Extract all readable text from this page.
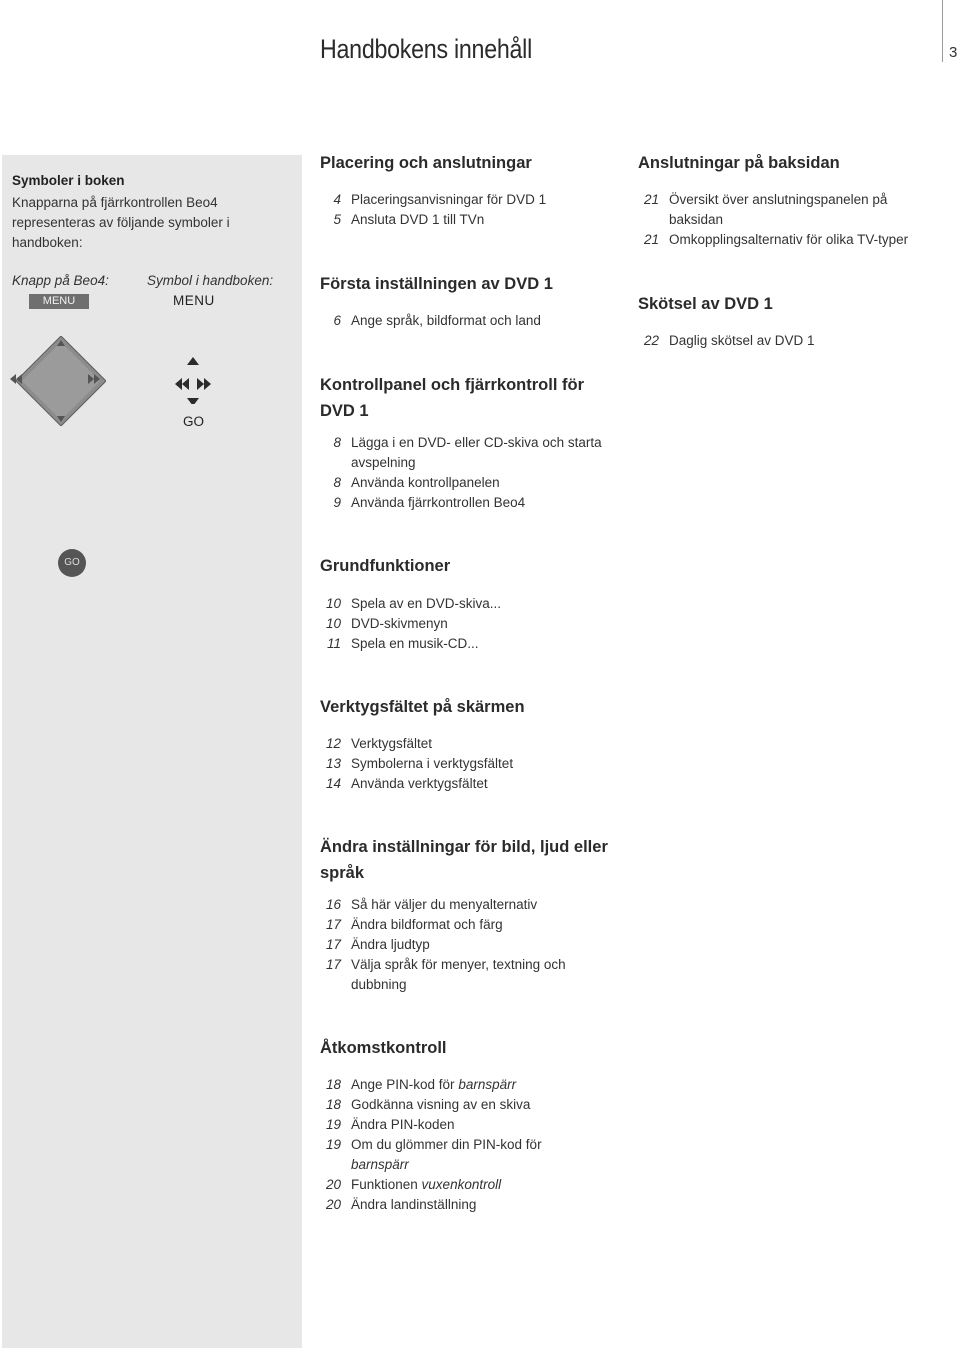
Handbokens innehåll	3
Symboler i boken
Knapparna på fjärrkontrollen Beo4 representeras av följande symboler i handboken:
Knapp på Beo4:	Symbol i handboken:
MENU	MENU
GO
GO
Placering och anslutningar
4 Placeringsanvisningar för DVD 1
5 Ansluta DVD 1 till TVn
Första inställningen av DVD 1
6 Ange språk, bildformat och land
Kontrollpanel och fjärrkontroll för DVD 1
8 Lägga i en DVD- eller CD-skiva och starta avspelning
8 Använda kontrollpanelen
9 Använda fjärrkontrollen Beo4
Grundfunktioner
10 Spela av en DVD-skiva...
10 DVD-skivmenyn
11 Spela en musik-CD...
Verktygsfältet på skärmen
12 Verktygsfältet
13 Symbolerna i verktygsfältet
14 Använda verktygsfältet
Ändra inställningar för bild, ljud eller språk
16 Så här väljer du menyalternativ
17 Ändra bildformat och färg
17 Ändra ljudtyp
17 Välja språk för menyer, textning och dubbning
Åtkomstkontroll
18 Ange PIN-kod för barnspärr
18 Godkänna visning av en skiva
19 Ändra PIN-koden
19 Om du glömmer din PIN-kod för barnspärr
20 Funktionen vuxenkontroll
20 Ändra landinställning
Anslutningar på baksidan
21 Översikt över anslutningspanelen på baksidan
21 Omkopplingsalternativ för olika TV-typer
Skötsel av DVD 1
22 Daglig skötsel av DVD 1
